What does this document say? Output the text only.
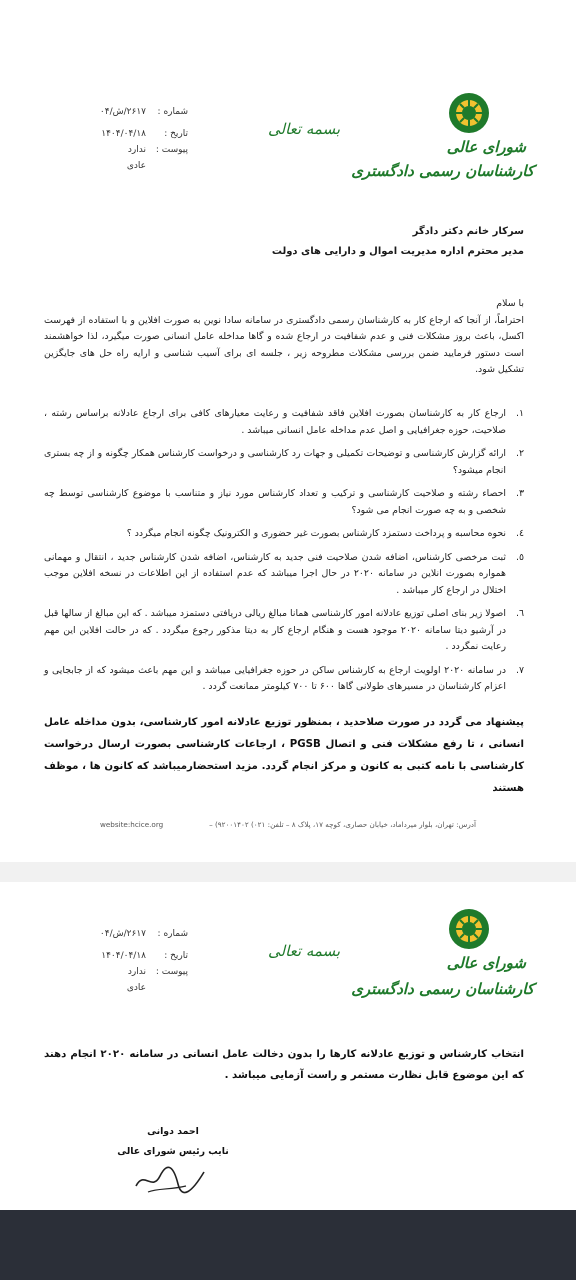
شورای عالی
کارشناسان رسمی دادگستری
بسمه تعالی
شماره :
۲۶۱۷/ش/۰۴
تاریخ :
۱۴۰۴/۰۴/۱۸
پیوست :
ندارد
عادی
سرکار خانم دکتر دادگر
مدیر محترم اداره مدیریت اموال و دارایی های دولت

با سلام

احتراماً، از آنجا که ارجاع کار به کارشناسان رسمی دادگستری در سامانه سادا نوین به صورت افلاین و با استفاده از فهرست اکسل، باعث بروز مشکلات فنی و عدم شفافیت در ارجاع شده و گاها مداخله عامل انسانی صورت میگیرد، لذا خواهشمند است دستور فرمایید ضمن بررسی مشکلات مطروحه زیر ، جلسه ای برای آسیب شناسی و ارایه راه حل های جایگزین تشکیل شود.

۱.
ارجاع کار به کارشناسان بصورت افلاین فاقد شفافیت و رعایت معیارهای کافی برای ارجاع عادلانه براساس رشته ، صلاحیت، حوزه جغرافیایی و اصل عدم مداخله عامل انسانی میباشد .
۲.
ارائه گزارش کارشناسی و توضیحات تکمیلی و جهات رد کارشناسی و درخواست کارشناس همکار چگونه و از چه بستری انجام میشود؟
۳.
احصاء رشته و صلاحیت کارشناسی و ترکیب و تعداد کارشناس مورد نیاز و متناسب با موضوع کارشناسی توسط چه شخصی و به چه صورت انجام می شود؟
٤.
نحوه محاسبه و پرداخت دستمزد کارشناس بصورت غیر حضوری و الکترونیک چگونه انجام میگردد ؟
٥.
ثبت مرخصی کارشناس، اضافه شدن صلاحیت فنی جدید به کارشناس، اضافه شدن کارشناس جدید ، انتقال و مهمانی همواره بصورت انلاین در سامانه ۲۰۲۰ در حال اجرا میباشد که عدم استفاده از این اطلاعات در نسخه افلاین موجب اختلال در ارجاع کار میباشد .
٦.
اصولا زیر بنای اصلی توزیع عادلانه امور کارشناسی همانا مبالغ ریالی دریافتی دستمزد میباشد . که این مبالغ از سالها قبل در آرشیو دیتا سامانه ۲۰۲۰ موجود هست و هنگام ارجاع کار به دیتا مذکور رجوع میگردد . که در حالت افلاین این مهم رعایت نمگردد .
۷.
در سامانه ۲۰۲۰ اولویت ارجاع به کارشناس ساکن در حوزه جغرافیایی میباشد و این مهم باعث میشود که از جابجایی و اعزام کارشناسان در مسیرهای طولانی گاها ۶۰۰ تا ۷۰۰ کیلومتر ممانعت گردد .
پیشنهاد می گردد در صورت صلاحدید ، بمنظور توزیع عادلانه امور کارشناسی، بدون مداخله عامل انسانی ، تا رفع مشکلات فنی و اتصال PGSB ، ارجاعات کارشناسی بصورت ارسال درخواست کارشناسی با نامه کتبی به کانون و مرکز انجام گردد. مزید استحضارمیباشد که کانون ها ، موظف هستند
آدرس: تهران، بلوار میرداماد، خیابان حصاری، کوچه ۱۷، پلاک ۸ – تلفن: ۰۲۱) ۹۲۰۰۱۴۰۲) –
website:hcice.org
شورای عالی
کارشناسان رسمی دادگستری
بسمه تعالی
شماره :
۲۶۱۷/ش/۰۴
تاریخ :
۱۴۰۴/۰۴/۱۸
پیوست :
ندارد
عادی
انتخاب کارشناس و توزیع عادلانه کارها را بدون دخالت عامل انسانی در سامانه ۲۰۲۰ انجام دهند که این موضوع قابل نظارت مستمر و راست آزمایی میباشد .
احمد دوانی
نایب رئیس شورای عالی
